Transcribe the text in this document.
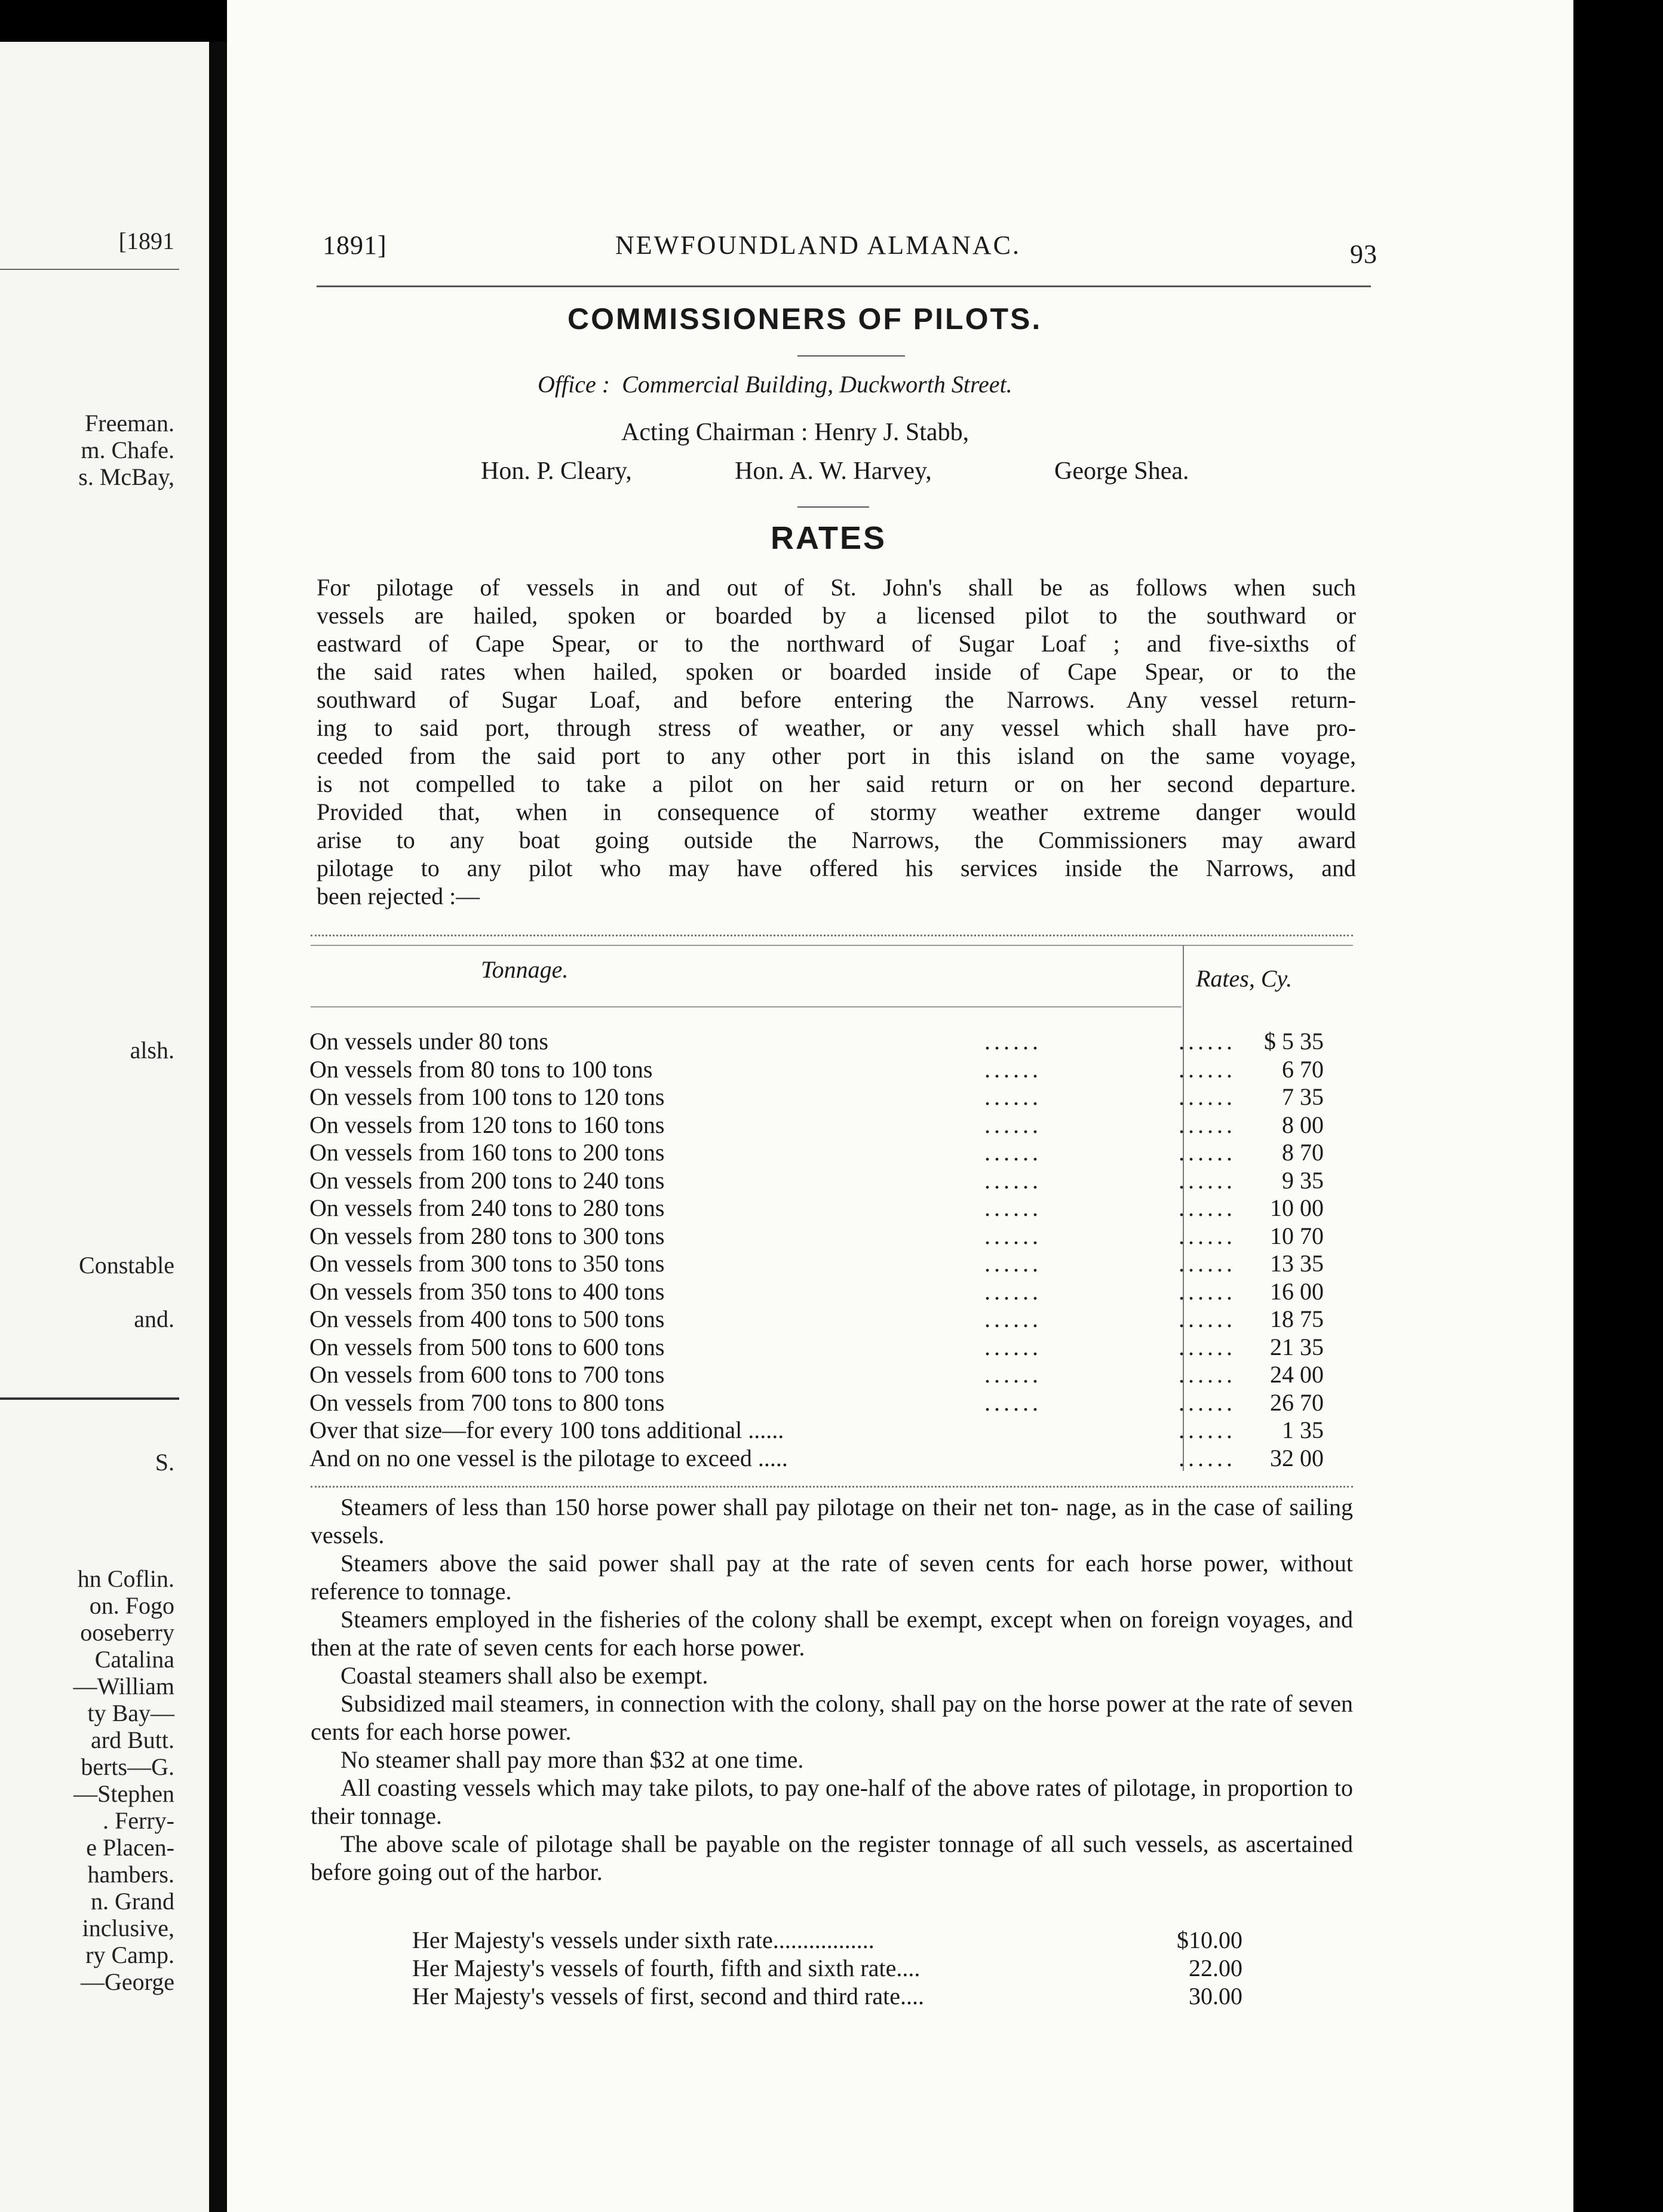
[1891
Freeman.
m. Chafe.
s. McBay,
alsh.
Constable
and.
S.
hn Coflin.
on. Fogo
ooseberry
Catalina
—William
ty Bay—
ard Butt.
berts—G.
—Stephen
. Ferry-
e Placen-
hambers.
n. Grand
inclusive,
ry Camp.
—George
1891]	NEWFOUNDLAND ALMANAC.	93
COMMISSIONERS OF PILOTS.
Office : Commercial Building, Duckworth Street.
Acting Chairman : Henry J. Stabb,
Hon. P. Cleary,	Hon. A. W. Harvey,	George Shea.
RATES
For pilotage of vessels in and out of St. John's shall be as follows when such
vessels are hailed, spoken or boarded by a licensed pilot to the southward or
eastward of Cape Spear, or to the northward of Sugar Loaf ; and five-sixths of
the said rates when hailed, spoken or boarded inside of Cape Spear, or to the
southward of Sugar Loaf, and before entering the Narrows. Any vessel return-
ing to said port, through stress of weather, or any vessel which shall have pro-
ceeded from the said port to any other port in this island on the same voyage,
is not compelled to take a pilot on her said return or on her second departure.
Provided that, when in consequence of stormy weather extreme danger would
arise to any boat going outside the Narrows, the Commissioners may award
pilotage to any pilot who may have offered his services inside the Narrows, and
been rejected :—
Tonnage.	Rates, Cy.
On vessels under 80 tons	......	...... $ 5 35
On vessels from 80 tons to 100 tons	......	...... 6 70
On vessels from 100 tons to 120 tons	......	...... 7 35
On vessels from 120 tons to 160 tons	......	...... 8 00
On vessels from 160 tons to 200 tons	......	...... 8 70
On vessels from 200 tons to 240 tons	......	...... 9 35
On vessels from 240 tons to 280 tons	......	...... 10 00
On vessels from 280 tons to 300 tons	......	...... 10 70
On vessels from 300 tons to 350 tons	......	...... 13 35
On vessels from 350 tons to 400 tons	......	...... 16 00
On vessels from 400 tons to 500 tons	......	...... 18 75
On vessels from 500 tons to 600 tons	......	...... 21 35
On vessels from 600 tons to 700 tons	......	...... 24 00
On vessels from 700 tons to 800 tons	......	...... 26 70
Over that size—for every 100 tons additional ......	...... 1 35
And on no one vessel is the pilotage to exceed .....	...... 32 00

Steamers of less than 150 horse power shall pay pilotage on their net ton- nage, as in the case of sailing vessels.

Steamers above the said power shall pay at the rate of seven cents for each horse power, without reference to tonnage.

Steamers employed in the fisheries of the colony shall be exempt, except when on foreign voyages, and then at the rate of seven cents for each horse power.

Coastal steamers shall also be exempt.

Subsidized mail steamers, in connection with the colony, shall pay on the horse power at the rate of seven cents for each horse power.

No steamer shall pay more than $32 at one time.

All coasting vessels which may take pilots, to pay one-half of the above rates of pilotage, in proportion to their tonnage.

The above scale of pilotage shall be payable on the register tonnage of all such vessels, as ascertained before going out of the harbor.

Her Majesty's vessels under sixth rate.................	$10.00
Her Majesty's vessels of fourth, fifth and sixth rate....	22.00
Her Majesty's vessels of first, second and third rate....	30.00
